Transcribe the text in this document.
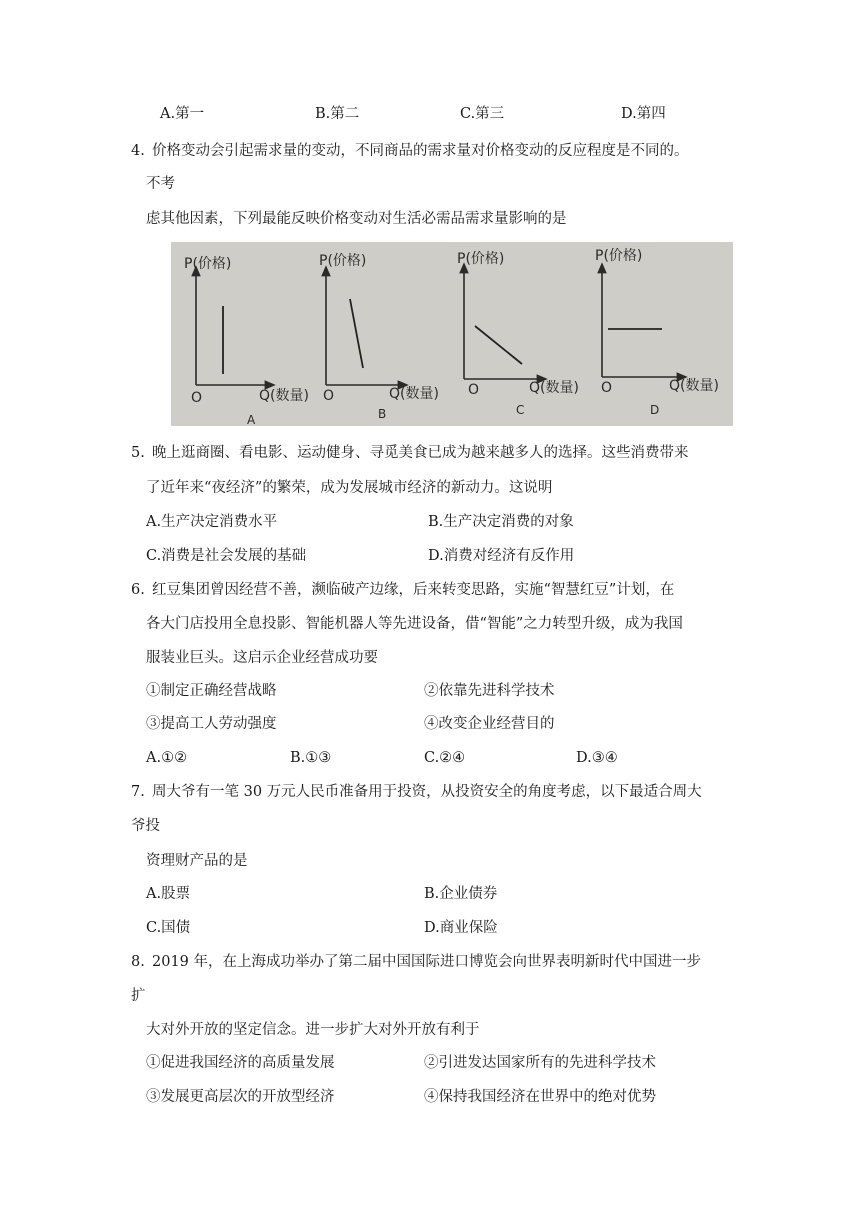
A.第一	B.第二	C.第三	D.第四
4. 价格变动会引起需求量的变动，不同商品的需求量对价格变动的反应程度是不同的。
不考
虑其他因素，下列最能反映价格变动对生活必需品需求量影响的是
P(价格)
Q(数量)
O
A
P(价格)
Q(数量)
O
B
P(价格)
Q(数量)
O
C
P(价格)
Q(数量)
O
D
5. 晚上逛商圈、看电影、运动健身、寻觅美食已成为越来越多人的选择。这些消费带来
了近年来“夜经济”的繁荣，成为发展城市经济的新动力。这说明
A.生产决定消费水平	B.生产决定消费的对象
C.消费是社会发展的基础	D.消费对经济有反作用
6. 红豆集团曾因经营不善，濒临破产边缘，后来转变思路，实施“智慧红豆”计划，在
各大门店投用全息投影、智能机器人等先进设备，借“智能”之力转型升级，成为我国
服装业巨头。这启示企业经营成功要
①制定正确经营战略	②依靠先进科学技术
③提高工人劳动强度	④改变企业经营目的
A.①②	B.①③	C.②④	D.③④
7. 周大爷有一笔 30 万元人民币准备用于投资，从投资安全的角度考虑，以下最适合周大
爷投
资理财产品的是
A.股票	B.企业债券
C.国债	D.商业保险
8. 2019 年，在上海成功举办了第二届中国国际进口博览会向世界表明新时代中国进一步
扩
大对外开放的坚定信念。进一步扩大对外开放有利于
①促进我国经济的高质量发展	②引进发达国家所有的先进科学技术
③发展更高层次的开放型经济	④保持我国经济在世界中的绝对优势
